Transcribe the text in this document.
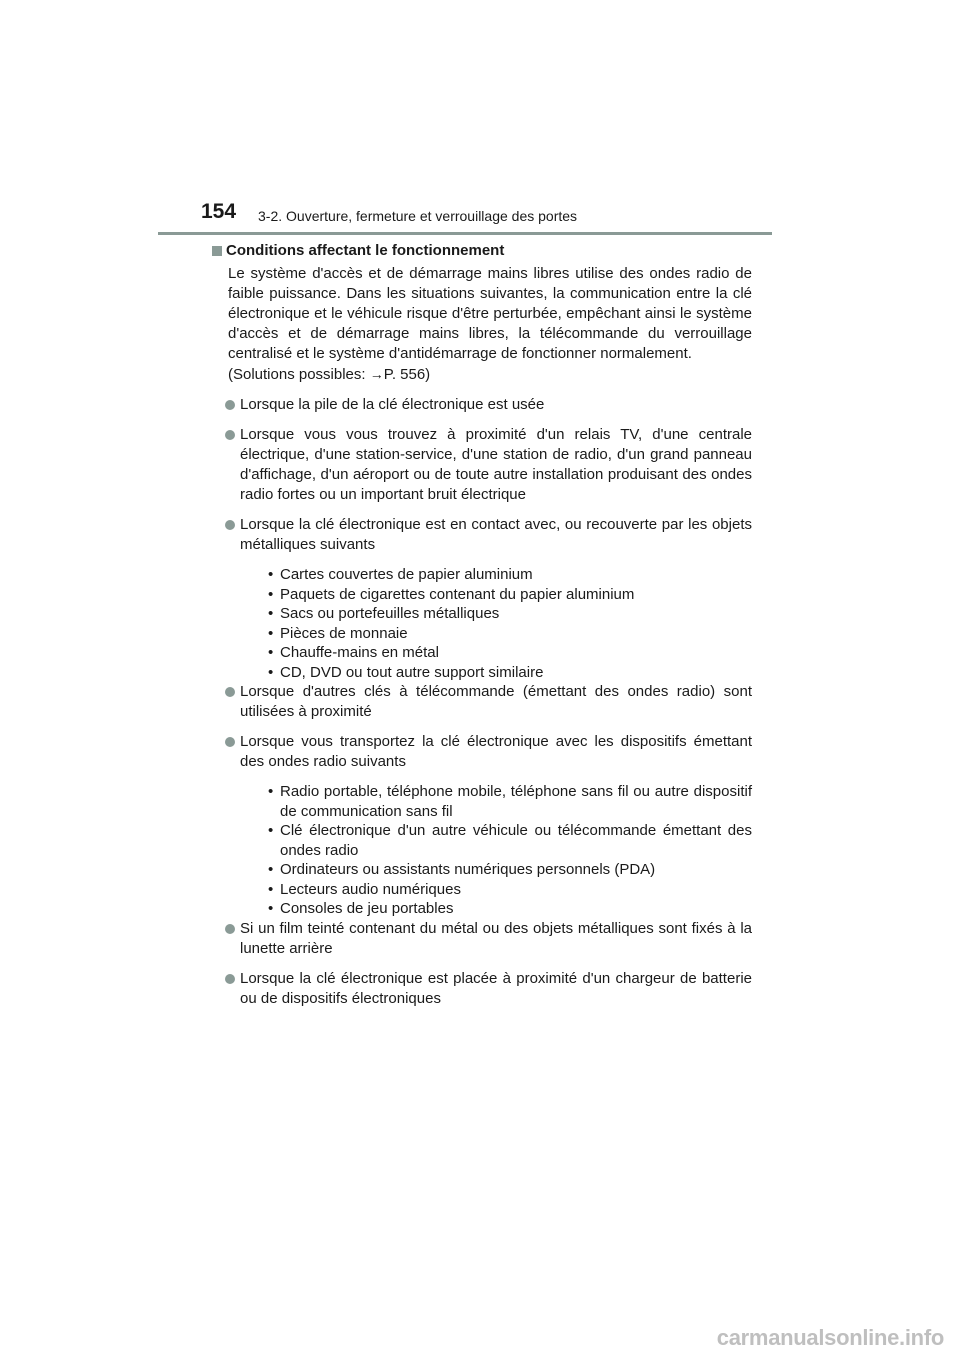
154 3-2. Ouverture, fermeture et verrouillage des portes
Conditions affectant le fonctionnement

Le système d'accès et de démarrage mains libres utilise des ondes radio de faible puissance. Dans les situations suivantes, la communication entre la clé électronique et le véhicule risque d'être perturbée, empêchant ainsi le système d'accès et de démarrage mains libres, la télécommande du verrouillage centralisé et le système d'antidémarrage de fonctionner normalement.
(Solutions possibles: →P. 556)

Lorsque la pile de la clé électronique est usée
Lorsque vous vous trouvez à proximité d'un relais TV, d'une centrale électrique, d'une station-service, d'une station de radio, d'un grand panneau d'affichage, d'un aéroport ou de toute autre installation produisant des ondes radio fortes ou un important bruit électrique
Lorsque la clé électronique est en contact avec, ou recouverte par les objets métalliques suivants
• Cartes couvertes de papier aluminium
• Paquets de cigarettes contenant du papier aluminium
• Sacs ou portefeuilles métalliques
• Pièces de monnaie
• Chauffe-mains en métal
• CD, DVD ou tout autre support similaire
Lorsque d'autres clés à télécommande (émettant des ondes radio) sont utilisées à proximité
Lorsque vous transportez la clé électronique avec les dispositifs émettant des ondes radio suivants
• Radio portable, téléphone mobile, téléphone sans fil ou autre dispositif de communication sans fil
• Clé électronique d'un autre véhicule ou télécommande émettant des ondes radio
• Ordinateurs ou assistants numériques personnels (PDA)
• Lecteurs audio numériques
• Consoles de jeu portables
Si un film teinté contenant du métal ou des objets métalliques sont fixés à la lunette arrière
Lorsque la clé électronique est placée à proximité d'un chargeur de batterie ou de dispositifs électroniques
carmanualsonline.info
